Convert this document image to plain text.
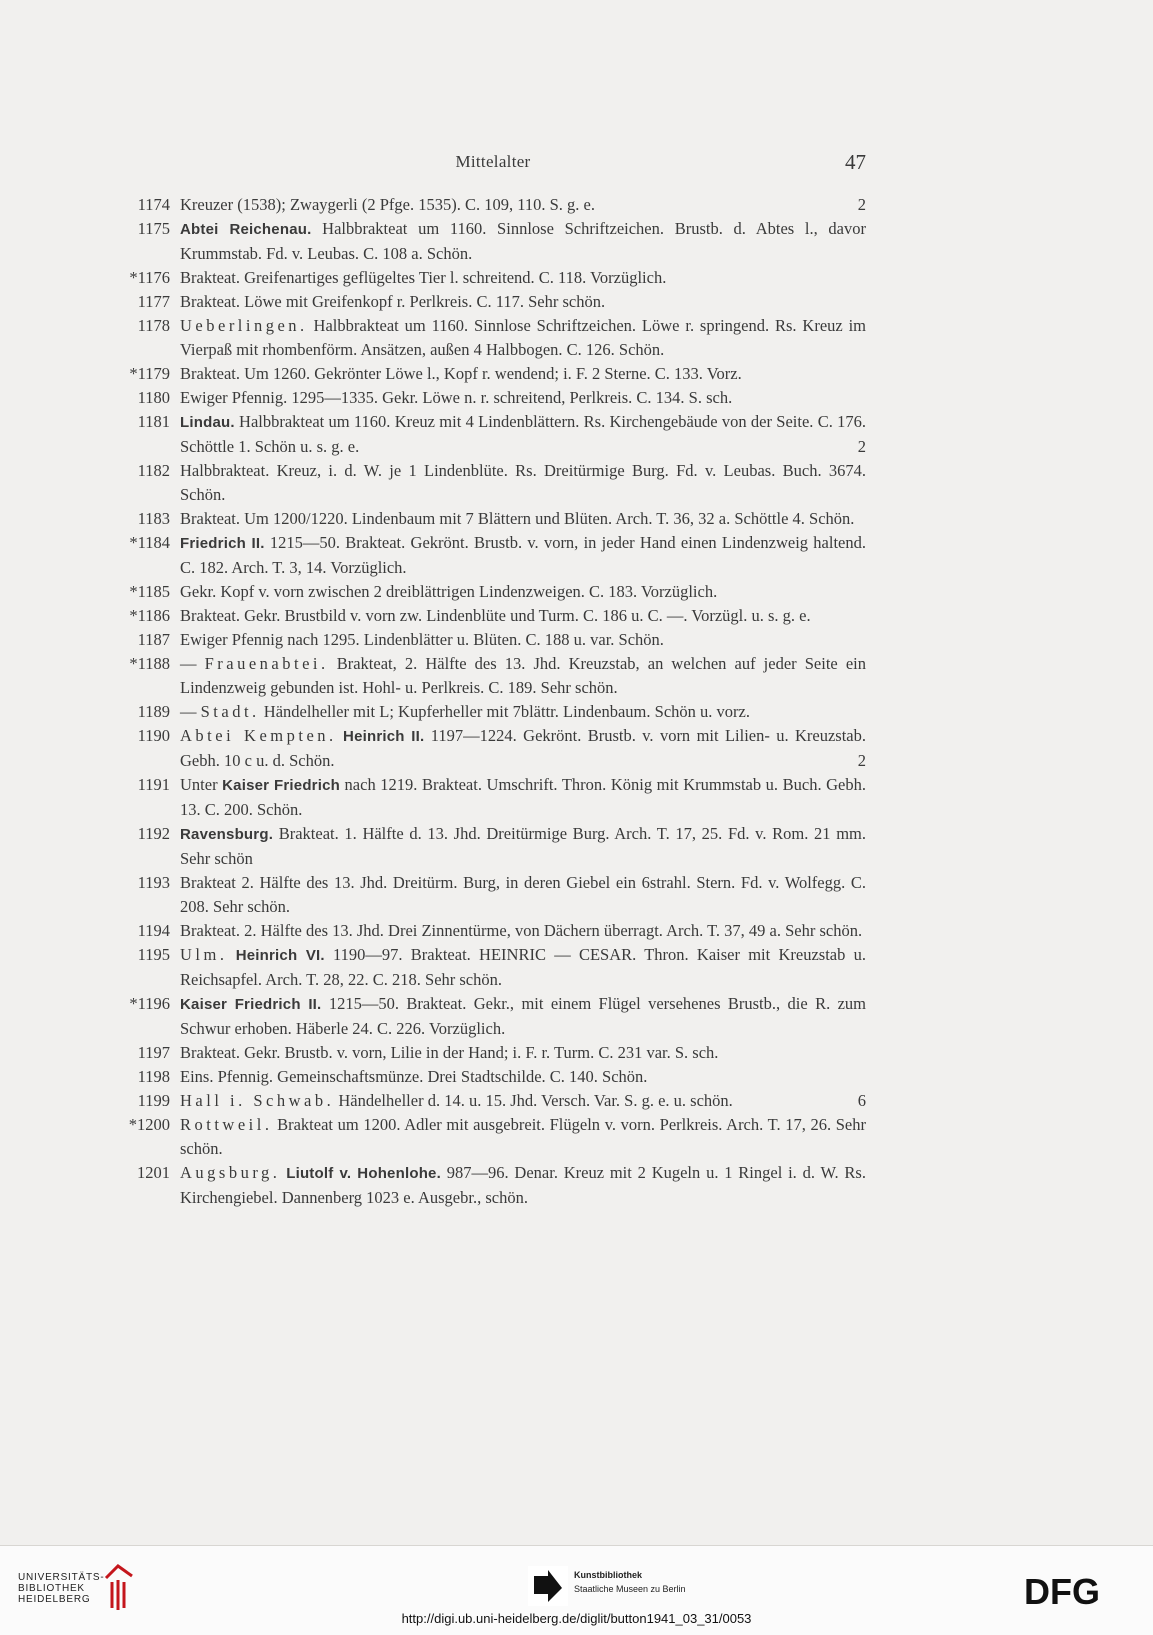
Mittelalter	47
1174 Kreuzer (1538); Zwaygerli (2 Pfge. 1535). C. 109, 110. S. g. e.	2
1175 Abtei Reichenau. Halbbrakteat um 1160. Sinnlose Schriftzeichen. Brustb. d. Abtes l., davor Krummstab. Fd. v. Leubas. C. 108 a. Schön.
*1176 Brakteat. Greifenartiges geflügeltes Tier l. schreitend. C. 118. Vorzüglich.
1177 Brakteat. Löwe mit Greifenkopf r. Perlkreis. C. 117. Sehr schön.
1178 Ueberlingen. Halbbrakteat um 1160. Sinnlose Schriftzeichen. Löwe r. springend. Rs. Kreuz im Vierpaß mit rhombenförm. Ansätzen, außen 4 Halbbogen. C. 126. Schön.
*1179 Brakteat. Um 1260. Gekrönter Löwe l., Kopf r. wendend; i. F. 2 Sterne. C. 133. Vorz.
1180 Ewiger Pfennig. 1295—1335. Gekr. Löwe n. r. schreitend, Perlkreis. C. 134. S. sch.
1181 Lindau. Halbbrakteat um 1160. Kreuz mit 4 Lindenblättern. Rs. Kirchengebäude von der Seite. C. 176. Schöttle 1. Schön u. s. g. e.	2
1182 Halbbrakteat. Kreuz, i. d. W. je 1 Lindenblüte. Rs. Dreitürmige Burg. Fd. v. Leubas. Buch. 3674. Schön.
1183 Brakteat. Um 1200/1220. Lindenbaum mit 7 Blättern und Blüten. Arch. T. 36, 32 a. Schöttle 4. Schön.
*1184 Friedrich II. 1215—50. Brakteat. Gekrönt. Brustb. v. vorn, in jeder Hand einen Lindenzweig haltend. C. 182. Arch. T. 3, 14. Vorzüglich.
*1185 Gekr. Kopf v. vorn zwischen 2 dreiblättrigen Lindenzweigen. C. 183. Vorzüglich.
*1186 Brakteat. Gekr. Brustbild v. vorn zw. Lindenblüte und Turm. C. 186 u. C. —. Vorzügl. u. s. g. e.
1187 Ewiger Pfennig nach 1295. Lindenblätter u. Blüten. C. 188 u. var. Schön.
*1188 — Frauenabtei. Brakteat, 2. Hälfte des 13. Jhd. Kreuzstab, an welchen auf jeder Seite ein Lindenzweig gebunden ist. Hohl- u. Perlkreis. C. 189. Sehr schön.
1189 — Stadt. Händelheller mit L; Kupferheller mit 7blättr. Lindenbaum. Schön u. vorz.
1190 Abtei Kempten. Heinrich II. 1197—1224. Gekrönt. Brustb. v. vorn mit Lilien- u. Kreuzstab. Gebh. 10 c u. d. Schön.	2
1191 Unter Kaiser Friedrich nach 1219. Brakteat. Umschrift. Thron. König mit Krummstab u. Buch. Gebh. 13. C. 200. Schön.
1192 Ravensburg. Brakteat. 1. Hälfte d. 13. Jhd. Dreitürmige Burg. Arch. T. 17, 25. Fd. v. Rom. 21 mm. Sehr schön
1193 Brakteat 2. Hälfte des 13. Jhd. Dreitürm. Burg, in deren Giebel ein 6strahl. Stern. Fd. v. Wolfegg. C. 208. Sehr schön.
1194 Brakteat. 2. Hälfte des 13. Jhd. Drei Zinnentürme, von Dächern überragt. Arch. T. 37, 49 a. Sehr schön.
1195 Ulm. Heinrich VI. 1190—97. Brakteat. HEINRIC — CESAR. Thron. Kaiser mit Kreuzstab u. Reichsapfel. Arch. T. 28, 22. C. 218. Sehr schön.
*1196 Kaiser Friedrich II. 1215—50. Brakteat. Gekr., mit einem Flügel versehenes Brustb., die R. zum Schwur erhoben. Häberle 24. C. 226. Vorzüglich.
1197 Brakteat. Gekr. Brustb. v. vorn, Lilie in der Hand; i. F. r. Turm. C. 231 var. S. sch.
1198 Eins. Pfennig. Gemeinschaftsmünze. Drei Stadtschilde. C. 140. Schön.
1199 Hall i. Schwab. Händelheller d. 14. u. 15. Jhd. Versch. Var. S. g. e. u. schön.	6
*1200 Rottweil. Brakteat um 1200. Adler mit ausgebreit. Flügeln v. vorn. Perlkreis. Arch. T. 17, 26. Sehr schön.
1201 Augsburg. Liutolf v. Hohenlohe. 987—96. Denar. Kreuz mit 2 Kugeln u. 1 Ringel i. d. W. Rs. Kirchengiebel. Dannenberg 1023 e. Ausgebr., schön.
UNIVERSITÄTS-
BIBLIOTHEK
HEIDELBERG
Kunstbibliothek
Staatliche Museen zu Berlin	DFG
http://digi.ub.uni-heidelberg.de/diglit/button1941_03_31/0053
